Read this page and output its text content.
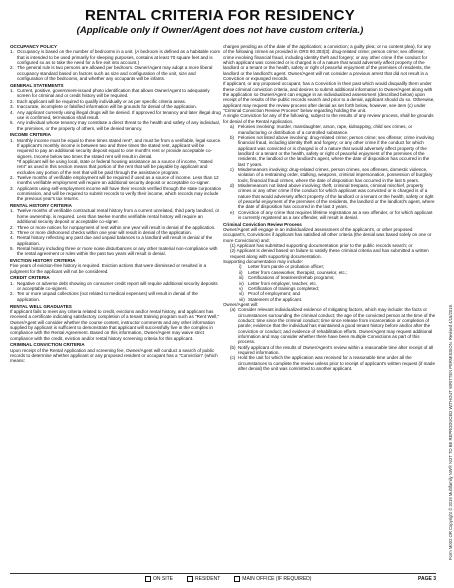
RENTAL CRITERIA FOR RESIDENCY

(Applicable only if Owner/Agent does not have custom criteria.)

OCCUPANCY POLICY
1. Occupancy is based on the number of bedrooms in a unit. (A bedroom is defined as a habitable room that is intended to be used primarily for sleeping purposes, contains at least 70 square feet and is configured so as to take the need for a fire exit into account.)
2. The general rule is two persons are allowed per bedroom. Owner/Agent may adopt a more liberal occupancy standard based on factors such as size and configuration of the unit, size and configuration of the bedrooms, and whether any occupants will be infants.
GENERAL STATEMENTS
1. Current, positive, government-issued photo identification that allows Owner/Agent to adequately screen for criminal and or credit history will be required.
2. Each applicant will be required to qualify individually or as per specific criteria areas.
3. Inaccurate, incomplete or falsified information will be grounds for denial of the application.
4. Any applicant currently using illegal drugs will be denied. If approved for tenancy and later illegal drug use is confirmed, termination shall result.
5. Any individual whose tenancy may constitute a direct threat to the health and safety of any individual, the premises, or the property of others, will be denied tenancy.
INCOME CRITERIA
1. Monthly income must be equal to three times stated rent*, and must be from a verifiable, legal source. If applicant's monthly income is between two and three times the stated rent, applicant will be required to pay an additional security deposit equal to one month's rent or provide acceptable co-signers. Income below two times the stated rent will result in denial.
*If applicant will be using local, state or federal housing assistance as a source of income, "stated rent" as used in this section means that portion of the rent that will be payable by applicant and excludes any portion of the rent that will be paid through the assistance program.
2. Twelve months of verifiable employment will be required if used as a source of income. Less than 12 months verifiable employment will require an additional security deposit or acceptable co-signer.
3. Applicants using self-employment income will have their records verified through the state corporation commission, and will be required to submit records to verify their income, which records may include the previous year's tax returns.
RENTAL HISTORY CRITERIA
1. Twelve months of verifiable contractual rental history from a current unrelated, third party landlord, or home ownership, is required. Less than twelve months verifiable rental history will require an additional security deposit or acceptable co-signer.
2. Three or more notices for nonpayment of rent within one year will result in denial of the application.
3. Three or more dishonored checks within one year will result in denial of the application.
4. Rental history reflecting any past due and unpaid balances to a landlord will result in denial of the application.
5. Rental history including three or more noise disturbances or any other material non-compliance with the rental agreement or rules within the past two years will result in denial.
EVICTION HISTORY CRITERIA
Five years of eviction-free history is required. Eviction actions that were dismissed or resulted in a judgment for the applicant will not be considered.
CREDIT CRITERIA
1. Negative or adverse debt showing on consumer credit report will require additional security deposits or acceptable co-signers.
2. Ten or more unpaid collections (not related to medical expenses) will result in denial of the application.
RENTAL WELL GRADUATES
If applicant fails to meet any criteria related to credit, evictions and/or rental history, and applicant has received a certificate indicating satisfactory completion of a tenant training program such as "Rent Well," Owner/Agent will consider whether the course content, instructor comments and any other information supplied by applicant is sufficient to demonstrate that applicant will successfully live in the complex in compliance with the Rental Agreement. Based on this information, Owner/Agent may waive strict compliance with the credit, eviction and/or rental history screening criteria for this applicant.
CRIMINAL CONVICTION CRITERIA
Upon receipt of the Rental Application and screening fee, Owner/Agent will conduct a search of public records to determine whether applicant or any proposed resident or occupant has a "Conviction" (which means:
charges pending as of the date of the application; a conviction; a guilty plea; or no contest plea), for any of the following crimes as provided in ORS 90.303(3): drug-related crime; person crime; sex offense; crime involving financial fraud, including identity theft and forgery; or any other crime if the conduct for which applicant was convicted or is charged is of a nature that would adversely affect property of the landlord or a tenant or the health, safety or right of peaceful enjoyment of the premises of residents, the landlord or the landlord's agent. Owner/Agent will not consider a previous arrest that did not result in a Conviction or expunged records.
If applicant, or any proposed occupant, has a Conviction in their past which would disqualify them under these criminal conviction criteria, and desires to submit additional information to Owner/Agent along with the application so Owner/Agent can engage in an individualized assessment (described below) upon receipt of the results of the public records search and prior to a denial, applicant should do so. Otherwise, applicant may request the review process after denial as set forth below, however, see item (c) under "Criminal Conviction Review Process" below regarding holding the unit.
A single Conviction for any of the following, subject to the results of any review process, shall be grounds for denial of the Rental Application.
a) Felonies involving: murder, manslaughter, arson, rape, kidnapping, child sex crimes, or manufacturing or distribution of a controlled substance.
b) Felonies not listed above involving: drug-related crime; person crime; sex offense; crime involving financial fraud, including identity theft and forgery; or any other crime if the conduct for which applicant was convicted or is charged is of a nature that would adversely affect property of the landlord or a tenant or the health, safety or right of peaceful enjoyment of the premises of the residents, the landlord or the landlord's agent, where the date of disposition has occurred in the last 7 years.
c) Misdemeanors involving: drug-related crimes, person crimes, sex offenses, domestic violence, violation of a restraining order, stalking, weapons, criminal impersonation, possession of burglary tools, financial fraud crimes, where the date of disposition has occurred in the last 5 years.
d) Misdemeanors not listed above involving: theft, criminal trespass, criminal mischief, property crimes or any other crime if the conduct for which applicant was convicted or is charged is of a nature that would adversely affect property of the landlord or a tenant or the health, safety or right of peaceful enjoyment of the premises of the residents, the landlord or the landlord's agent, where the date of disposition has occurred in the last 3 years.
e) Conviction of any crime that requires lifetime registration as a sex offender, or for which applicant is currently registered as a sex offender, will result in denial.
Criminal Conviction Review Process
Owner/Agent will engage in an individualized assessment of the applicant's, or other proposed occupant's, Convictions if applicant has satisfied all other criteria (the denial was based solely on one or more Convictions) and:
(1) Applicant has submitted supporting documentation prior to the public records search; or
(2) Applicant is denied based on failure to satisfy these criminal criteria and has submitted a written request along with supporting documentation.
Supporting documentation may include:
i) Letter from parole or probation officer;
ii) Letter from caseworker, therapist, counselor, etc.;
iii) Certifications of treatment/rehab programs;
iv) Letter from employer, teacher, etc.
v) Certification of trainings completed;
vi) Proof of employment; and
vii) Statement of the applicant.
Owner/Agent will:
(a) Consider relevant individualized evidence of mitigating factors, which may include: the facts or circumstances surrounding the criminal conduct; the age of the convicted person at the time of the conduct; time since the criminal conduct; time since release from incarceration or completion of parole; evidence that the individual has maintained a good tenant history before and/or after the conviction or conduct; and evidence of rehabilitation efforts. Owner/Agent may request additional information and may consider whether there have been multiple Convictions as part of this process.
(b) Notify applicant of the results of Owner/Agent's review within a reasonable time after receipt of all required information.
(c) Hold the unit for which the application was received for a reasonable time under all the circumstances to complete the review unless prior to receipt of applicant's written request (if made after denial) the unit was committed to another applicant.	Form M002 OR Copyright © 2019 Multifamily NW® NOT TO BE REPRODUCED WITHOUT WRITTEN PERMISSION. Revised 4/15/2019.
ON SITE	RESIDENT	MAIN OFFICE (IF REQUIRED)	PAGE 3
